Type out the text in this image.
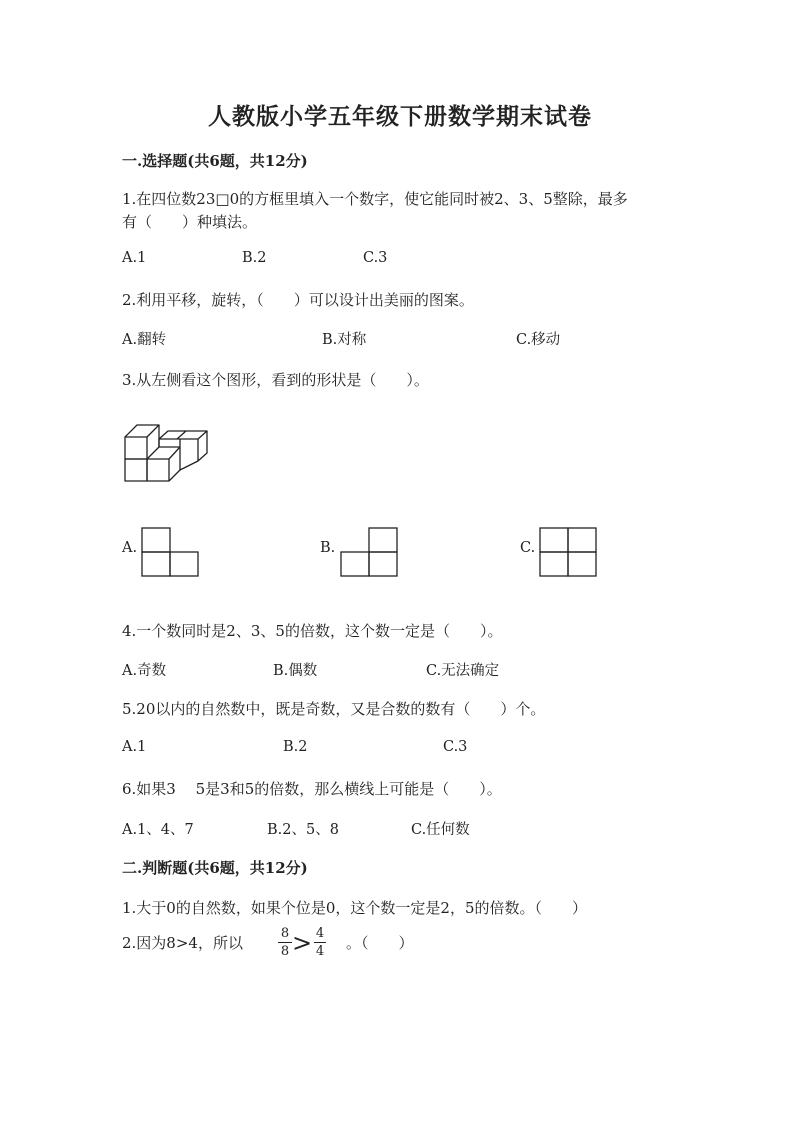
人教版小学五年级下册数学期末试卷
一.选择题(共6题，共12分)
1.在四位数23□0的方框里填入一个数字，使它能同时被2、3、5整除，最多
有（　　）种填法。
A.1	B.2	C.3
2.利用平移，旋转，（　　）可以设计出美丽的图案。
A.翻转	B.对称	C.移动
3.从左侧看这个图形，看到的形状是（　　）。
A.	B.	C.
4.一个数同时是2、3、5的倍数，这个数一定是（　　）。
A.奇数	B.偶数	C.无法确定
5.20以内的自然数中，既是奇数，又是合数的数有（　　）个。
A.1	B.2	C.3
6.如果3　 5是3和5的倍数，那么横线上可能是（　　）。
A.1、4、7	B.2、5、8	C.任何数
二.判断题(共6题，共12分)
1.大于0的自然数，如果个位是0，这个数一定是2，5的倍数。（　　）
2.因为8>4，所以
8
8 > 4
4 。（　　）
